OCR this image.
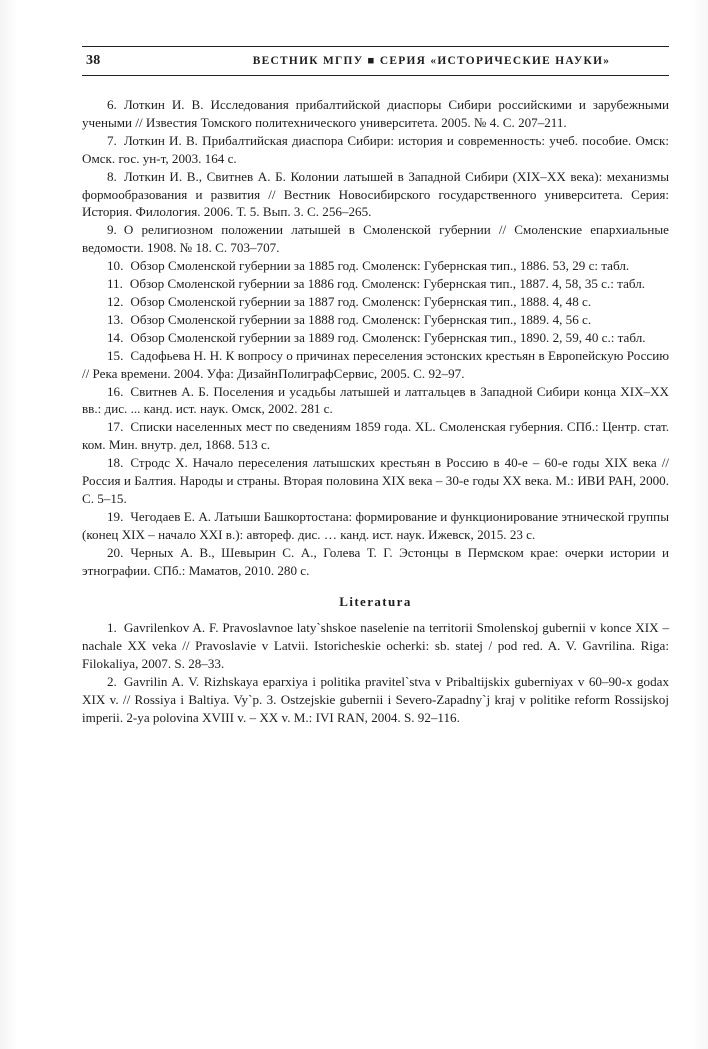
38	ВЕСТНИК МГПУ ■ СЕРИЯ «ИСТОРИЧЕСКИЕ НАУКИ»

6. Лоткин И. В. Исследования прибалтийской диаспоры Сибири российскими и зарубежными учеными // Известия Томского политехнического университета. 2005. № 4. С. 207–211.

7. Лоткин И. В. Прибалтийская диаспора Сибири: история и современность: учеб. пособие. Омск: Омск. гос. ун-т, 2003. 164 с.

8. Лоткин И. В., Свитнев А. Б. Колонии латышей в Западной Сибири (XIX–XX века): механизмы формообразования и развития // Вестник Новосибирского государственного университета. Серия: История. Филология. 2006. Т. 5. Вып. 3. С. 256–265.

9. О религиозном положении латышей в Смоленской губернии // Смоленские епархиальные ведомости. 1908. № 18. С. 703–707.

10. Обзор Смоленской губернии за 1885 год. Смоленск: Губернская тип., 1886. 53, 29 с: табл.

11. Обзор Смоленской губернии за 1886 год. Смоленск: Губернская тип., 1887. 4, 58, 35 с.: табл.

12. Обзор Смоленской губернии за 1887 год. Смоленск: Губернская тип., 1888. 4, 48 с.

13. Обзор Смоленской губернии за 1888 год. Смоленск: Губернская тип., 1889. 4, 56 с.

14. Обзор Смоленской губернии за 1889 год. Смоленск: Губернская тип., 1890. 2, 59, 40 с.: табл.

15. Садофьева Н. Н. К вопросу о причинах переселения эстонских крестьян в Европейскую Россию // Река времени. 2004. Уфа: ДизайнПолиграфСервис, 2005. С. 92–97.

16. Свитнев А. Б. Поселения и усадьбы латышей и латгальцев в Западной Сибири конца XIX–XX вв.: дис. ... канд. ист. наук. Омск, 2002. 281 с.

17. Списки населенных мест по сведениям 1859 года. XL. Смоленская губерния. СПб.: Центр. стат. ком. Мин. внутр. дел, 1868. 513 с.

18. Стродс Х. Начало переселения латышских крестьян в Россию в 40-е – 60-е годы XIX века // Россия и Балтия. Народы и страны. Вторая половина XIX века – 30-е годы XX века. М.: ИВИ РАН, 2000. С. 5–15.

19. Чегодаев Е. А. Латыши Башкортостана: формирование и функционирование этнической группы (конец XIX – начало XXI в.): автореф. дис. … канд. ист. наук. Ижевск, 2015. 23 с.

20. Черных А. В., Шевырин С. А., Голева Т. Г. Эстонцы в Пермском крае: очерки истории и этнографии. СПб.: Маматов, 2010. 280 с.

Literatura

1. Gavrilenkov A. F. Pravoslavnoe laty`shskoe naselenie na territorii Smolenskoj gubernii v konce XIX – nachale XX veka // Pravoslavie v Latvii. Istoricheskie ocherki: sb. statej / pod red. A. V. Gavrilina. Riga: Filokaliya, 2007. S. 28–33.

2. Gavrilin A. V. Rizhskaya eparxiya i politika pravitel`stva v Pribaltijskix gubernіyax v 60–90-x godax XIX v. // Rossiya i Baltiya. Vy`p. 3. Ostzejskie gubernii i Severo-Zapadny`j kraj v politike reform Rossijskoj imperii. 2-ya polovina XVIII v. – XX v. M.: IVI RAN, 2004. S. 92–116.
